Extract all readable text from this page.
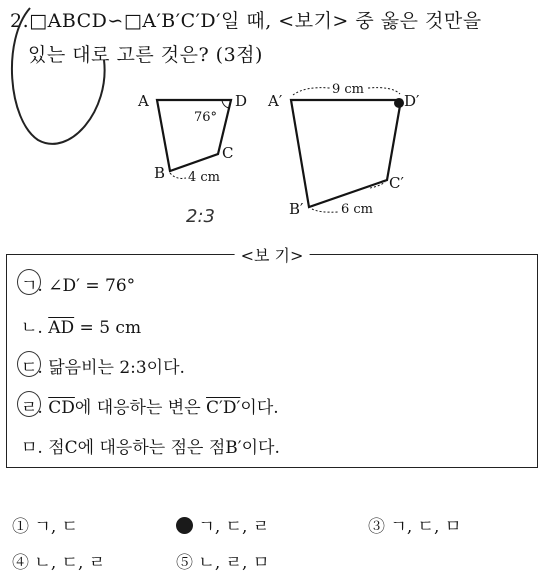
2.□ABCD∽□A′B′C′D′일 때, <보기> 중 옳은 것만을
있는 대로 고른 것은? (3점)
A	D
C
B
76°
4 cm
A′	D′
C′
B′
9 cm
6 cm
2:3
<보 기>
ㄱ. ∠D′ = 76°
ㄴ. $\overline{AD} = 5$ cm
ㄷ. 닮음비는 2:3이다.
ㄹ. $\overline{CD}$에 대응하는 변은 C′D′이다.
ㅁ. 점C에 대응하는 점은 점B′이다.
① ㄱ, ㄷ	ㄱ, ㄷ, ㄹ	③ ㄱ, ㄷ, ㅁ
④ ㄴ, ㄷ, ㄹ	⑤ ㄴ, ㄹ, ㅁ
